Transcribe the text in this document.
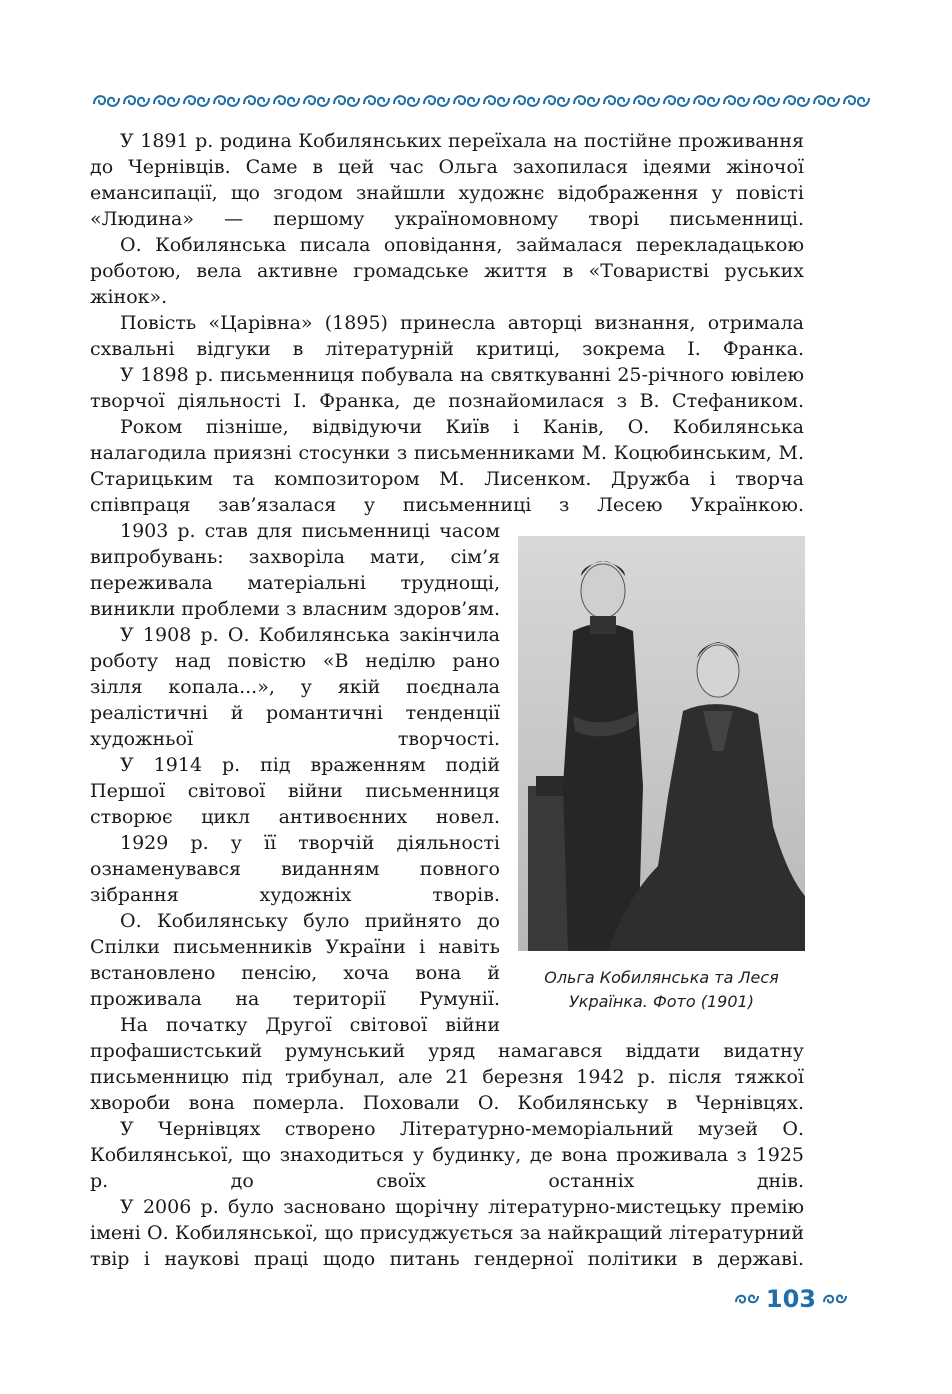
У 1891 р. родина Кобилянських переїхала на постійне проживання до Чернівців. Саме в цей час Ольга захопилася ідеями жіночої емансипації, що згодом знайшли художнє відображення у повісті «Людина» — першому україномовному творі письменниці.

О. Кобилянська писала оповідання, займалася перекладацькою роботою, вела активне громадське життя в «Товаристві руських жінок».

Повість «Царівна» (1895) принесла авторці визнання, отримала схвальні відгуки в літературній критиці, зокрема І. Франка.

У 1898 р. письменниця побувала на святкуванні 25-річного ювілею творчої діяльності І. Франка, де познайомилася з В. Стефаником.

Роком пізніше, відвідуючи Київ і Канів, О. Кобилянська налагодила приязні стосунки з письменниками М. Коцюбинським, М. Старицьким та композитором М. Лисенком. Дружба і творча співпраця зав’язалася у письменниці з Лесею Українкою.

1903 р. став для письменниці часом випробувань: захворіла мати, сім’я переживала матеріальні труднощі, виникли проблеми з власним здоров’ям.

У 1908 р. О. Кобилянська закінчила роботу над повістю «В неділю рано зілля копала...», у якій поєднала реалістичні й романтичні тенденції художньої творчості.

У 1914 р. під враженням подій Першої світової війни письменниця створює цикл антивоєнних новел.

1929 р. у її творчій діяльності ознаменувався виданням повного зібрання художніх творів.

О. Кобилянську було прийнято до Спілки письменників України і навіть встановлено пенсію, хоча вона й проживала на території Румунії.

На початку Другої світової війни

профашистський румунський уряд намагався віддати видатну письменницю під трибунал, але 21 березня 1942 р. після тяжкої хвороби вона померла. Поховали О. Кобилянську в Чернівцях.

У Чернівцях створено Літературно-меморіальний музей О. Кобилянської, що знаходиться у будинку, де вона проживала з 1925 р. до своїх останніх днів.

У 2006 р. було засновано щорічну літературно-мистецьку премію імені О. Кобилянської, що присуджується за найкращий літературний твір і наукові праці щодо питань гендерної політики в державі.

Ольга Кобилянська та Леся Українка. Фото (1901)
103
